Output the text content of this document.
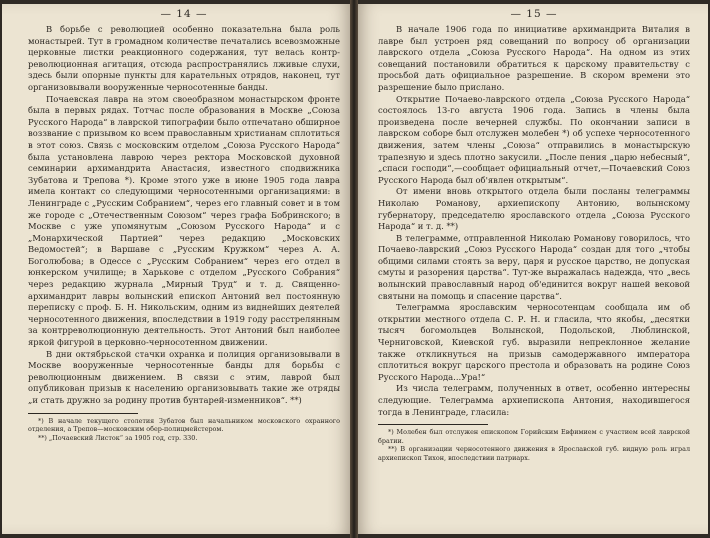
— 14 —

В борьбе с революцией особенно показательна была роль монастырей. Тут в громадном количестве печатались всевозможные церковные листки реакционного содержания, тут велась контр-революционная агитация, отсюда распространялись лживые слухи, здесь были опорные пункты для карательных отрядов, наконец, тут организовывали вооруженные черносотенные банды.

Почаевская лавра на этом своеобразном монастырском фронте была в первых рядах. Тотчас после образования в Москве „Союза Русского Народа“ в лаврской типографии было отпечатано обширное воззвание с призывом ко всем православным христианам сплотиться в этот союз. Связь с московским отделом „Союза Русского Народа“ была установлена лаврою через ректора Московской духовной семинарии архимандрита Анастасия, известного сподвижника Зубатова и Трепова *). Кроме этого уже в июне 1905 года лавра имела контакт со следующими черносотенными организациями: в Ленинграде с „Русским Собранием“, через его главный совет и в том же городе с „Отечественным Союзом“ через графа Бобринского; в Москве с уже упомянутым „Союзом Русского Народа“ и с „Монархической Партией“ через редакцию „Московских Ведомостей“; в Варшаве с „Русским Кружком“ через А. А. Боголюбова; в Одессе с „Русским Собранием“ через его отдел в юнкерском училище; в Харькове с отделом „Русского Собрания“ через редакцию журнала „Мирный Труд“ и т. д. Священно-архимандрит лавры волынский епископ Антоний вел постоянную переписку с проф. Б. Н. Никольским, одним из виднейших деятелей черносотенного движения, впоследствии в 1919 году расстрелянным за контрреволюционную деятельность. Этот Антоний был наиболее яркой фигурой в церковно-черносотенном движении.

В дни октябрьской стачки охранка и полиция организовывали в Москве вооруженные черносотенные банды для борьбы с революционным движением. В связи с этим, лаврой был опубликован призыв к населению организовывать такие же отряды „и стать дружно за родину против бунтарей-изменников“. **)

*) В начале текущего столетия Зубатов был начальником московского охранного отделения, а Трепов—московским обер-полицмейстером.

**) „Почаевский Листок“ за 1905 год, стр. 330.

— 15 —

В начале 1906 года по инициативе архимандрита Виталия в лавре был устроен ряд совещаний по вопросу об организации лаврского отдела „Союза Русского Народа“. На одном из этих совещаний постановили обратиться к царскому правительству с просьбой дать официальное разрешение. В скором времени это разрешение было прислано.

Открытие Почаево-лаврского отдела „Союза Русского Народа“ состоялось 13-го августа 1906 года. Запись в члены была произведена после вечерней службы. По окончании записи в лаврском соборе был отслужен молебен *) об успехе черносотенного движения, затем члены „Союза“ отправились в монастырскую трапезную и здесь плотно закусили. „После пения „царю небесный“, „спаси господи“,—сообщает официальный отчет,—Почаевский Союз Русского Народа был об'явлен открытым“.

От имени вновь открытого отдела были посланы телеграммы Николаю Романову, архиепископу Антонию, волынскому губернатору, председателю ярославского отдела „Союза Русского Народа“ и т. д. **)

В телеграмме, отправленной Николаю Романову говорилось, что Почаево-лаврский „Союз Русского Народа“ создан для того „чтобы общими силами стоять за веру, царя и русское царство, не допуская смуты и разорения царства“. Тут-же выражалась надежда, что „весь волынский православный народ об'единится вокруг нашей вековой святыни на помощь и спасение царства“.

Телеграмма ярославским черносотенцам сообщала им об открытии местного отдела С. Р. Н. и гласила, что якобы, „десятки тысяч богомольцев Волынской, Подольской, Люблинской, Черниговской, Киевской губ. выразили непреклонное желание также откликнуться на призыв самодержавного императора сплотиться вокруг царского престола и образовать на родине Союз Русского Народа...Ура!“

Из числа телеграмм, полученных в ответ, особенно интересны следующие. Телеграмма архиепископа Антония, находившегося тогда в Ленинграде, гласила:

*) Молебен был отслужен епископом Горийским Евфимием с участием всей лаврской братии.

**) В организации черносотенного движения в Ярославской губ. видную роль играл архиепископ Тихон, впоследствии патриарх.
